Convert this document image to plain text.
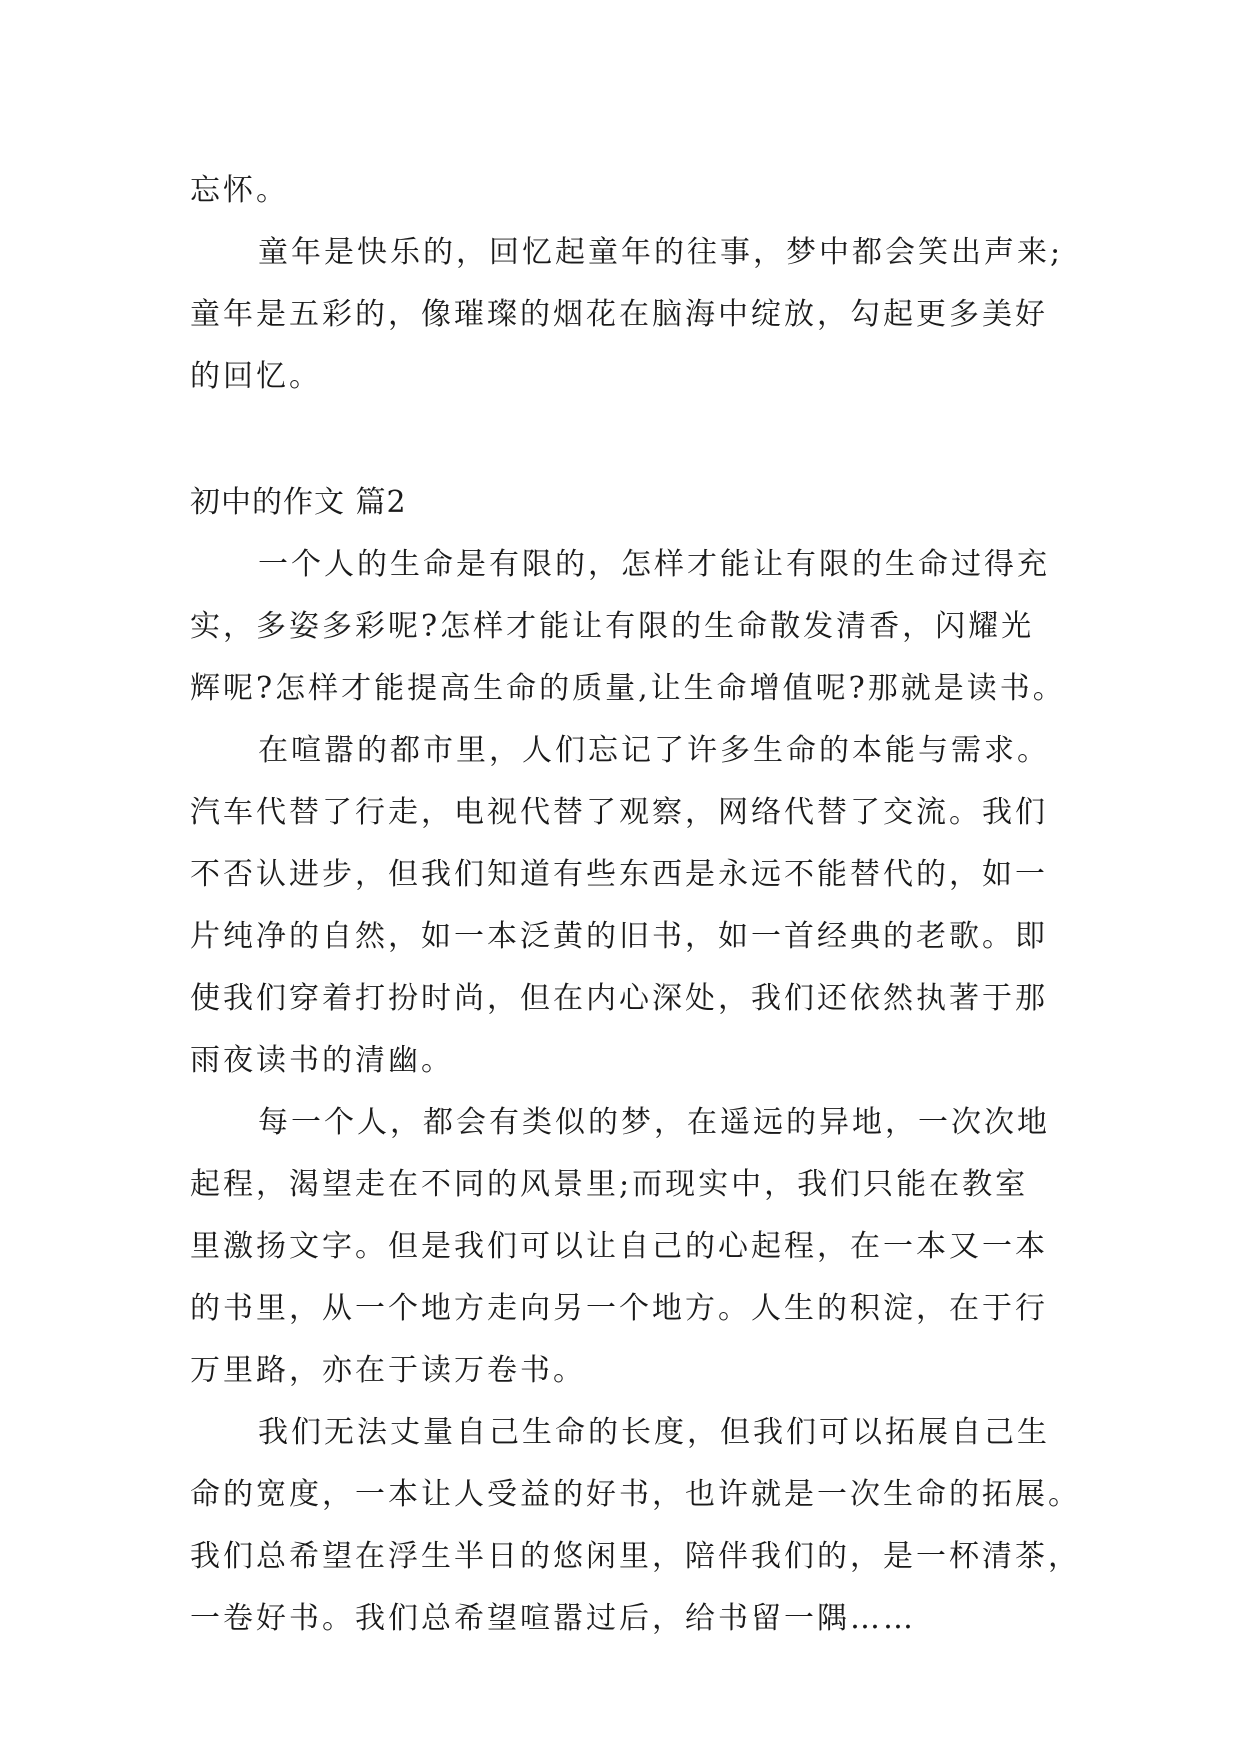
忘怀。
童年是快乐的，回忆起童年的往事，梦中都会笑出声来;
童年是五彩的，像璀璨的烟花在脑海中绽放，勾起更多美好
的回忆。
初中的作文 篇2
一个人的生命是有限的，怎样才能让有限的生命过得充
实，多姿多彩呢?怎样才能让有限的生命散发清香，闪耀光
辉呢?怎样才能提高生命的质量,让生命增值呢?那就是读书。
在喧嚣的都市里，人们忘记了许多生命的本能与需求。
汽车代替了行走，电视代替了观察，网络代替了交流。我们
不否认进步，但我们知道有些东西是永远不能替代的，如一
片纯净的自然，如一本泛黄的旧书，如一首经典的老歌。即
使我们穿着打扮时尚，但在内心深处，我们还依然执著于那
雨夜读书的清幽。
每一个人，都会有类似的梦，在遥远的异地，一次次地
起程，渴望走在不同的风景里;而现实中，我们只能在教室
里激扬文字。但是我们可以让自己的心起程，在一本又一本
的书里，从一个地方走向另一个地方。人生的积淀，在于行
万里路，亦在于读万卷书。
我们无法丈量自己生命的长度，但我们可以拓展自己生
命的宽度，一本让人受益的好书，也许就是一次生命的拓展。
我们总希望在浮生半日的悠闲里，陪伴我们的，是一杯清茶，
一卷好书。我们总希望喧嚣过后，给书留一隅……
